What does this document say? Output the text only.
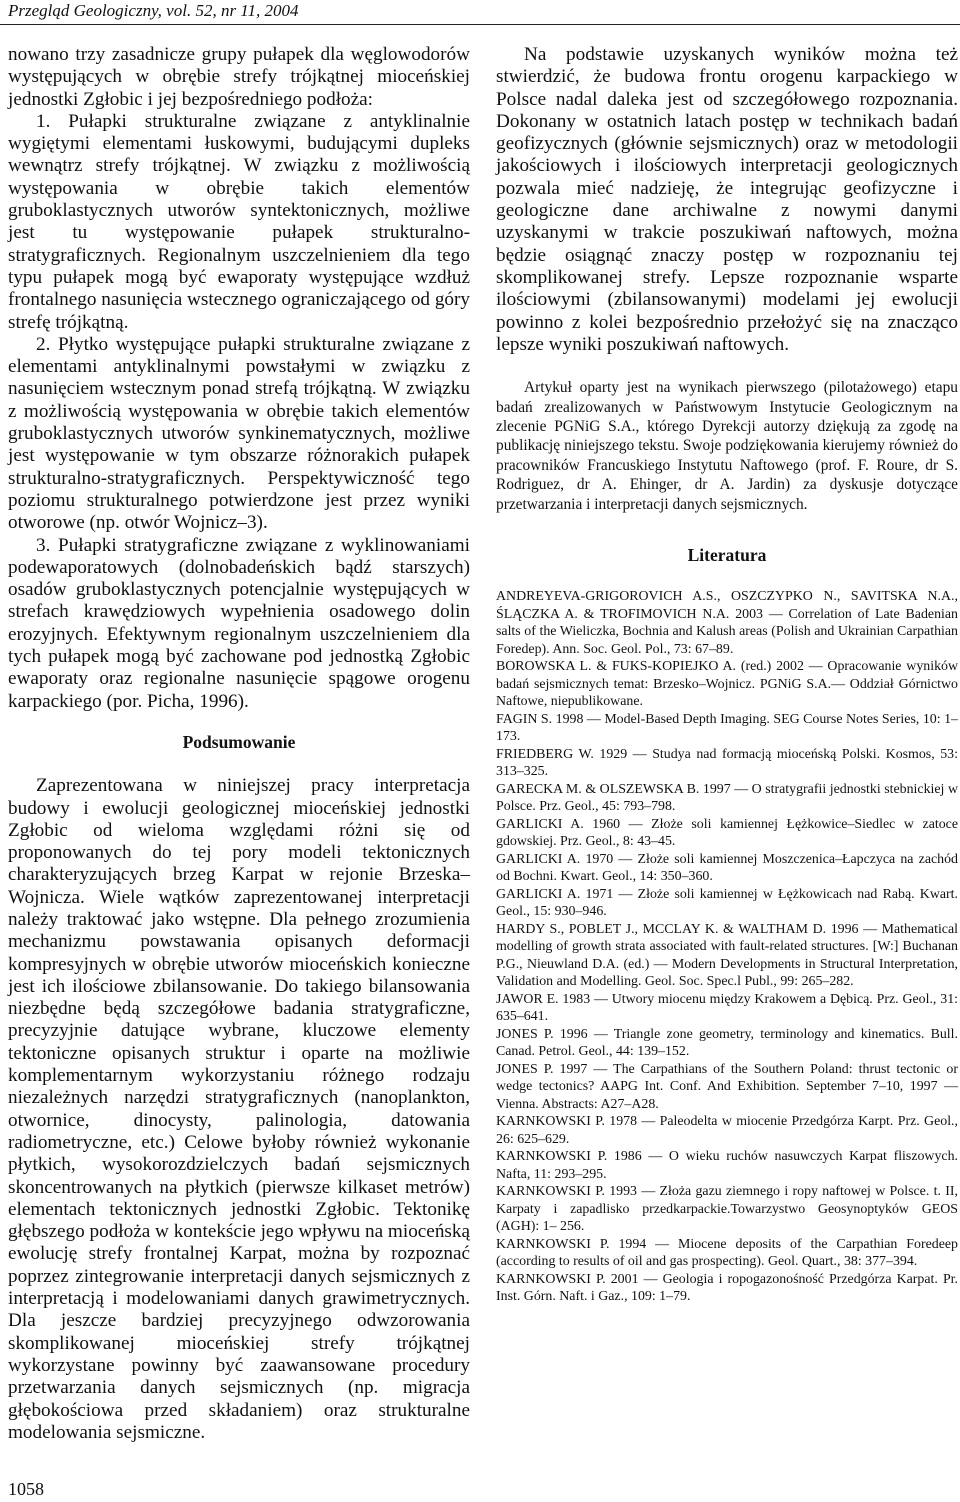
Przegląd Geologiczny, vol. 52, nr 11, 2004

nowano trzy zasadnicze grupy pułapek dla węglowodorów występujących w obrębie strefy trójkątnej mioceńskiej jednostki Zgłobic i jej bezpośredniego podłoża:

1. Pułapki strukturalne związane z antyklinalnie wygiętymi elementami łuskowymi, budującymi dupleks wewnątrz strefy trójkątnej. W związku z możliwością występowania w obrębie takich elementów gruboklastycznych utworów syntektonicznych, możliwe jest tu występowanie pułapek strukturalno-stratygraficznych. Regionalnym uszczelnieniem dla tego typu pułapek mogą być ewaporaty występujące wzdłuż frontalnego nasunięcia wstecznego ograniczającego od góry strefę trójkątną.

2. Płytko występujące pułapki strukturalne związane z elementami antyklinalnymi powstałymi w związku z nasunięciem wstecznym ponad strefą trójkątną. W związku z możliwością występowania w obrębie takich elementów gruboklastycznych utworów synkinematycznych, możliwe jest występowanie w tym obszarze różnorakich pułapek strukturalno-stratygraficznych. Perspektywiczność tego poziomu strukturalnego potwierdzone jest przez wyniki otworowe (np. otwór Wojnicz–3).

3. Pułapki stratygraficzne związane z wyklinowaniami podewaporatowych (dolnobadeńskich bądź starszych) osadów gruboklastycznych potencjalnie występujących w strefach krawędziowych wypełnienia osadowego dolin erozyjnych. Efektywnym regionalnym uszczelnieniem dla tych pułapek mogą być zachowane pod jednostką Zgłobic ewaporaty oraz regionalne nasunięcie spągowe orogenu karpackiego (por. Picha, 1996).

Podsumowanie

Zaprezentowana w niniejszej pracy interpretacja budowy i ewolucji geologicznej mioceńskiej jednostki Zgłobic od wieloma względami różni się od proponowanych do tej pory modeli tektonicznych charakteryzujących brzeg Karpat w rejonie Brzeska–Wojnicza. Wiele wątków zaprezentowanej interpretacji należy traktować jako wstępne. Dla pełnego zrozumienia mechanizmu powstawania opisanych deformacji kompresyjnych w obrębie utworów mioceńskich konieczne jest ich ilościowe zbilansowanie. Do takiego bilansowania niezbędne będą szczegółowe badania stratygraficzne, precyzyjnie datujące wybrane, kluczowe elementy tektoniczne opisanych struktur i oparte na możliwie komplementarnym wykorzystaniu różnego rodzaju niezależnych narzędzi stratygraficznych (nanoplankton, otwornice, dinocysty, palinologia, datowania radiometryczne, etc.) Celowe byłoby również wykonanie płytkich, wysokorozdzielczych badań sejsmicznych skoncentrowanych na płytkich (pierwsze kilkaset metrów) elementach tektonicznych jednostki Zgłobic. Tektonikę głębszego podłoża w kontekście jego wpływu na mioceńską ewolucję strefy frontalnej Karpat, można by rozpoznać poprzez zintegrowanie interpretacji danych sejsmicznych z interpretacją i modelowaniami danych grawimetrycznych. Dla jeszcze bardziej precyzyjnego odwzorowania skomplikowanej mioceńskiej strefy trójkątnej wykorzystane powinny być zaawansowane procedury przetwarzania danych sejsmicznych (np. migracja głębokościowa przed składaniem) oraz strukturalne modelowania sejsmiczne.

Na podstawie uzyskanych wyników można też stwierdzić, że budowa frontu orogenu karpackiego w Polsce nadal daleka jest od szczegółowego rozpoznania. Dokonany w ostatnich latach postęp w technikach badań geofizycznych (głównie sejsmicznych) oraz w metodologii jakościowych i ilościowych interpretacji geologicznych pozwala mieć nadzieję, że integrując geofizyczne i geologiczne dane archiwalne z nowymi danymi uzyskanymi w trakcie poszukiwań naftowych, można będzie osiągnąć znaczy postęp w rozpoznaniu tej skomplikowanej strefy. Lepsze rozpoznanie wsparte ilościowymi (zbilansowanymi) modelami jej ewolucji powinno z kolei bezpośrednio przełożyć się na znacząco lepsze wyniki poszukiwań naftowych.

Artykuł oparty jest na wynikach pierwszego (pilotażowego) etapu badań zrealizowanych w Państwowym Instytucie Geologicznym na zlecenie PGNiG S.A., którego Dyrekcji autorzy dziękują za zgodę na publikację niniejszego tekstu. Swoje podziękowania kierujemy również do pracowników Francuskiego Instytutu Naftowego (prof. F. Roure, dr S. Rodriguez, dr A. Ehinger, dr A. Jardin) za dyskusje dotyczące przetwarzania i interpretacji danych sejsmicznych.

Literatura
ANDREYEVA-GRIGOROVICH A.S., OSZCZYPKO N., SAVITSKA N.A., ŚLĄCZKA A. & TROFIMOVICH N.A. 2003 — Correlation of Late Badenian salts of the Wieliczka, Bochnia and Kalush areas (Polish and Ukrainian Carpathian Foredep). Ann. Soc. Geol. Pol., 73: 67–89.
BOROWSKA L. & FUKS-KOPIEJKO A. (red.) 2002 — Opracowanie wyników badań sejsmicznych temat: Brzesko–Wojnicz. PGNiG S.A.— Oddział Górnictwo Naftowe, niepublikowane.
FAGIN S. 1998 — Model-Based Depth Imaging. SEG Course Notes Series, 10: 1–173.
FRIEDBERG W. 1929 — Studya nad formacją mioceńską Polski. Kosmos, 53: 313–325.
GARECKA M. & OLSZEWSKA B. 1997 — O stratygrafii jednostki stebnickiej w Polsce. Prz. Geol., 45: 793–798.
GARLICKI A. 1960 — Złoże soli kamiennej Łężkowice–Siedlec w zatoce gdowskiej. Prz. Geol., 8: 43–45.
GARLICKI A. 1970 — Złoże soli kamiennej Moszczenica–Łapczyca na zachód od Bochni. Kwart. Geol., 14: 350–360.
GARLICKI A. 1971 — Złoże soli kamiennej w Łężkowicach nad Rabą. Kwart. Geol., 15: 930–946.
HARDY S., POBLET J., MCCLAY K. & WALTHAM D. 1996 — Mathematical modelling of growth strata associated with fault-related structures. [W:] Buchanan P.G., Nieuwland D.A. (ed.) — Modern Developments in Structural Interpretation, Validation and Modelling. Geol. Soc. Spec.l Publ., 99: 265–282.
JAWOR E. 1983 — Utwory miocenu między Krakowem a Dębicą. Prz. Geol., 31: 635–641.
JONES P. 1996 — Triangle zone geometry, terminology and kinematics. Bull. Canad. Petrol. Geol., 44: 139–152.
JONES P. 1997 — The Carpathians of the Southern Poland: thrust tectonic or wedge tectonics? AAPG Int. Conf. And Exhibition. September 7–10, 1997 — Vienna. Abstracts: A27–A28.
KARNKOWSKI P. 1978 — Paleodelta w miocenie Przedgórza Karpt. Prz. Geol., 26: 625–629.
KARNKOWSKI P. 1986 — O wieku ruchów nasuwczych Karpat fliszowych. Nafta, 11: 293–295.
KARNKOWSKI P. 1993 — Złoża gazu ziemnego i ropy naftowej w Polsce. t. II, Karpaty i zapadlisko przedkarpackie.Towarzystwo Geosynoptyków GEOS (AGH): 1– 256.
KARNKOWSKI P. 1994 — Miocene deposits of the Carpathian Foredeep (according to results of oil and gas prospecting). Geol. Quart., 38: 377–394.
KARNKOWSKI P. 2001 — Geologia i ropogazonośność Przedgórza Karpat. Pr. Inst. Górn. Naft. i Gaz., 109: 1–79.
1058
